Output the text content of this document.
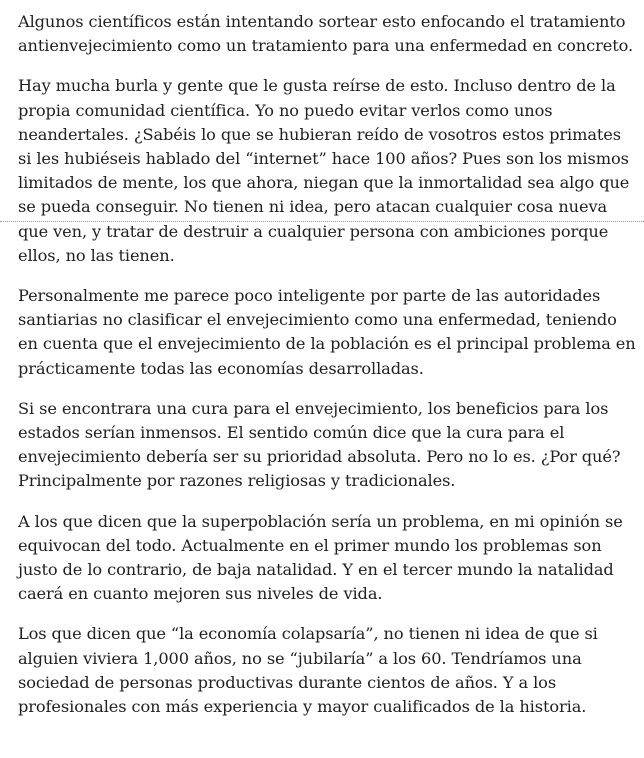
Algunos científicos están intentando sortear esto enfocando el tratamiento antienvejecimiento como un tratamiento para una enfermedad en concreto.

Hay mucha burla y gente que le gusta reírse de esto. Incluso dentro de la propia comunidad científica. Yo no puedo evitar verlos como unos neandertales. ¿Sabéis lo que se hubieran reído de vosotros estos primates si les hubiéseis hablado del “internet” hace 100 años? Pues son los mismos limitados de mente, los que ahora, niegan que la inmortalidad sea algo que se pueda conseguir. No tienen ni idea, pero atacan cualquier cosa nueva que ven, y tratar de destruir a cualquier persona con ambiciones porque ellos, no las tienen.

Personalmente me parece poco inteligente por parte de las autoridades santiarias no clasificar el envejecimiento como una enfermedad, teniendo en cuenta que el envejecimiento de la población es el principal problema en prácticamente todas las economías desarrolladas.

Si se encontrara una cura para el envejecimiento, los beneficios para los estados serían inmensos. El sentido común dice que la cura para el envejecimiento debería ser su prioridad absoluta. Pero no lo es. ¿Por qué? Principalmente por razones religiosas y tradicionales.

A los que dicen que la superpoblación sería un problema, en mi opinión se equivocan del todo. Actualmente en el primer mundo los problemas son justo de lo contrario, de baja natalidad. Y en el tercer mundo la natalidad caerá en cuanto mejoren sus niveles de vida.

Los que dicen que “la economía colapsaría”, no tienen ni idea de que si alguien viviera 1,000 años, no se “jubilaría” a los 60. Tendríamos una sociedad de personas productivas durante cientos de años. Y a los profesionales con más experiencia y mayor cualificados de la historia.
